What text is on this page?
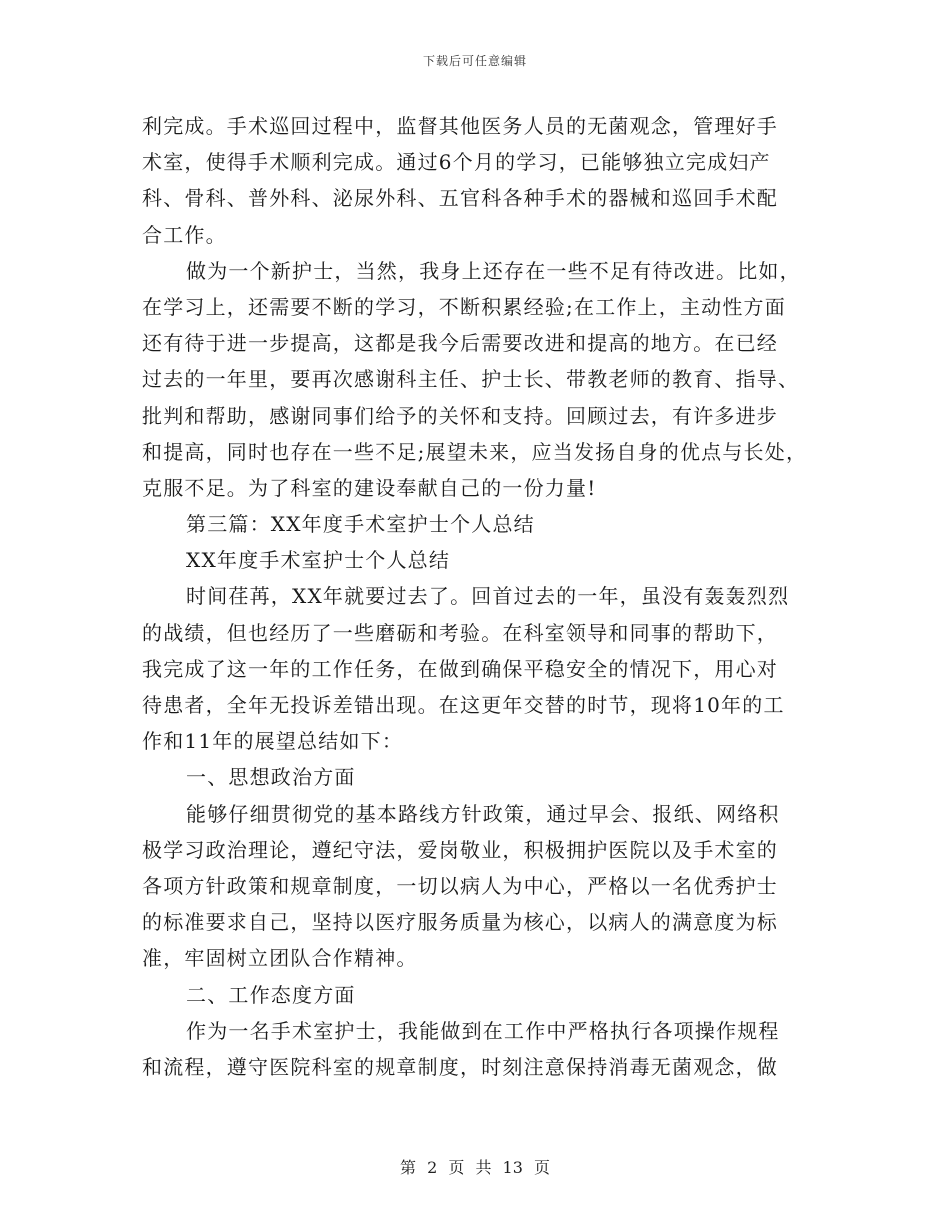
下载后可任意编辑
利完成。手术巡回过程中，监督其他医务人员的无菌观念，管理好手
术室，使得手术顺利完成。通过6个月的学习，已能够独立完成妇产
科、骨科、普外科、泌尿外科、五官科各种手术的器械和巡回手术配
合工作。
做为一个新护士，当然，我身上还存在一些不足有待改进。比如，
在学习上，还需要不断的学习，不断积累经验;在工作上，主动性方面
还有待于进一步提高，这都是我今后需要改进和提高的地方。在已经
过去的一年里，要再次感谢科主任、护士长、带教老师的教育、指导、
批判和帮助，感谢同事们给予的关怀和支持。回顾过去，有许多进步
和提高，同时也存在一些不足;展望未来，应当发扬自身的优点与长处，
克服不足。为了科室的建设奉献自己的一份力量!
第三篇：XX年度手术室护士个人总结
XX年度手术室护士个人总结
时间荏苒，XX年就要过去了。回首过去的一年，虽没有轰轰烈烈
的战绩，但也经历了一些磨砺和考验。在科室领导和同事的帮助下，
我完成了这一年的工作任务，在做到确保平稳安全的情况下，用心对
待患者，全年无投诉差错出现。在这更年交替的时节，现将10年的工
作和11年的展望总结如下：
一、思想政治方面
能够仔细贯彻党的基本路线方针政策，通过早会、报纸、网络积
极学习政治理论，遵纪守法，爱岗敬业，积极拥护医院以及手术室的
各项方针政策和规章制度，一切以病人为中心，严格以一名优秀护士
的标准要求自己，坚持以医疗服务质量为核心，以病人的满意度为标
准，牢固树立团队合作精神。
二、工作态度方面
作为一名手术室护士，我能做到在工作中严格执行各项操作规程
和流程，遵守医院科室的规章制度，时刻注意保持消毒无菌观念，做
第 2 页 共 13 页
